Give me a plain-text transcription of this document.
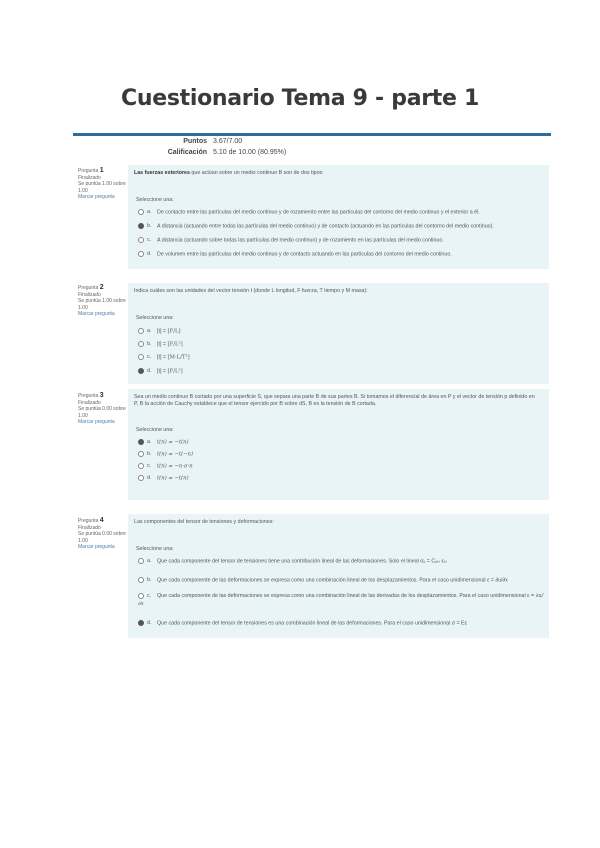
Cuestionario Tema 9 - parte 1
Puntos 3.67/7.00
Calificación 5.10 de 10.00 (80.95%)
Pregunta 1
Finalizado
Se puntúa 1.00 sobre 1.00
Marcar pregunta
Las fuerzas exteriores que actúan sobre un medio continuo B son de dos tipos:
Seleccione una:
a. De contacto entre las partículas del medio continuo y de rozamiento entre las partículas del contorno del medio continuo y el exterior a él.
b. A distancia (actuando entre todas las partículas del medio continuo) y de contacto (actuando en las partículas del contorno del medio continuo).
c. A distancia (actuando sobre todas las partículas del medio continuo) y de rozamiento en las partículas del medio continuo.
d. De volumen entre las partículas del medio continuo y de contacto actuando en las partículas del contorno del medio continuo.
Pregunta 2
Finalizado
Se puntúa 1.00 sobre 1.00
Marcar pregunta
Indica cuáles son las unidades del vector tensión t (donde L longitud, F fuerza, T tiempo y M masa):
Seleccione una:
a. [t] = [F/L]
b. [t] = [F/L²]
c. [t] = [M·L/T²]
d. [t] = [F/L³]
Pregunta 3
Finalizado
Se puntúa 0.00 sobre 1.00
Marcar pregunta
Sea un medio continuo B cortado por una superficie S, que separa una parte B de sus partes B. Si tomamos el diferencial de área en P y el vector de tensión p definido en P, B la acción de Cauchy establece que el tensor ejercido por B sobre dS, B es la tensión de B cortada.
Seleccione una:
a. t(n) = −t(n)
b. t(n) = −t(−n)
c. t(n) = −n·σ·n
d. t(n) = −t(n)
Pregunta 4
Finalizado
Se puntúa 0.00 sobre 1.00
Marcar pregunta
Las componentes del tensor de tensiones y deformaciones:
Seleccione una:
a. Que cada componente del tensor de tensiones tiene una contribución lineal de las deformaciones. Solo el lineal σᵢⱼ = Cᵢⱼₖₗ εₖₗ
b. Que cada componente de las deformaciones se expresa como una combinación lineal de los desplazamientos. Para el caso unidimensional ε = ∂u/∂x
c. Que cada componente de las deformaciones se expresa como una combinación lineal de las derivadas de los desplazamientos. Para el caso unidimensional ε = ∂u/∂x
d. Que cada componente del tensor de tensiones es una combinación lineal de las deformaciones. Para el caso unidimensional σ = Eε
